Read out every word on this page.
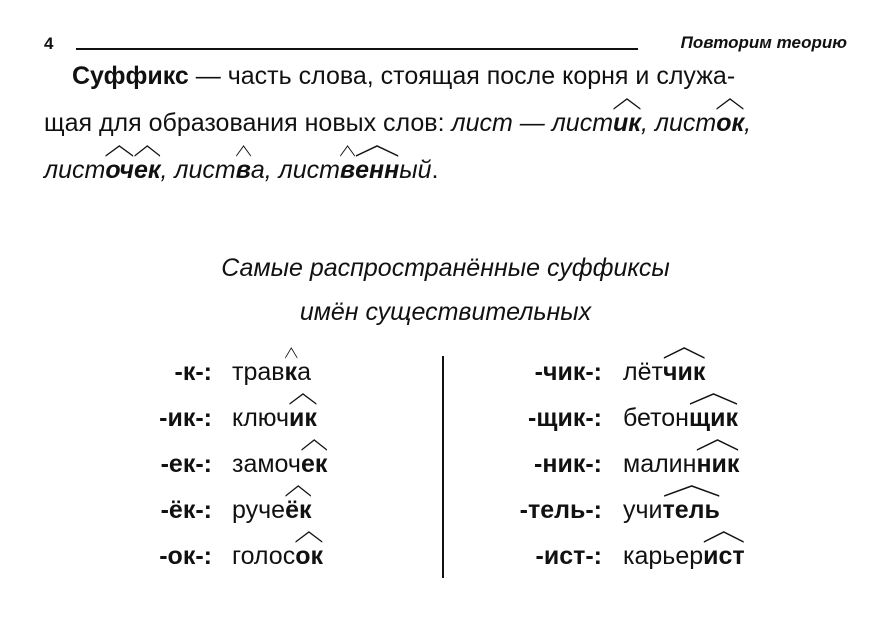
4	Повторим теорию
Суффикс — часть слова, стоящая после корня и служа-
щая для образования новых слов: лист — листик
, листок
,
листоч
ек
, листв
а, листв
енн
ый.
Самые распространённые суффиксы
имён существительных
-к-: травк
а
-ик-: ключик
-ек-: замочек
-ёк-: ручеёк
-ок-: голосок
-чик-: лётчик
-щик-: бетонщик
-ник-: малинник
-тель-: учитель
-ист-: карьерист
